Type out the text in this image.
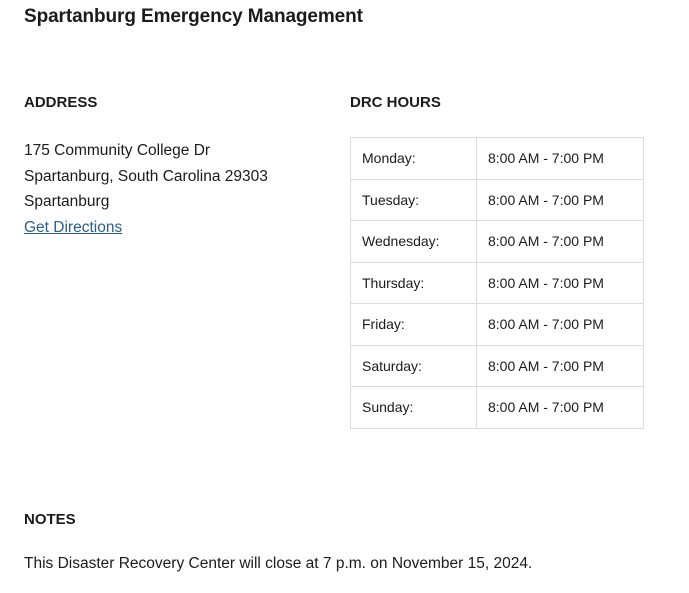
Spartanburg Emergency Management
ADDRESS	DRC HOURS
175 Community College Dr
Spartanburg, South Carolina 29303
Spartanburg
Get Directions
Monday:	8:00 AM - 7:00 PM
Tuesday:	8:00 AM - 7:00 PM
Wednesday:	8:00 AM - 7:00 PM
Thursday:	8:00 AM - 7:00 PM
Friday:	8:00 AM - 7:00 PM
Saturday:	8:00 AM - 7:00 PM
Sunday:	8:00 AM - 7:00 PM
NOTES
This Disaster Recovery Center will close at 7 p.m. on November 15, 2024.
